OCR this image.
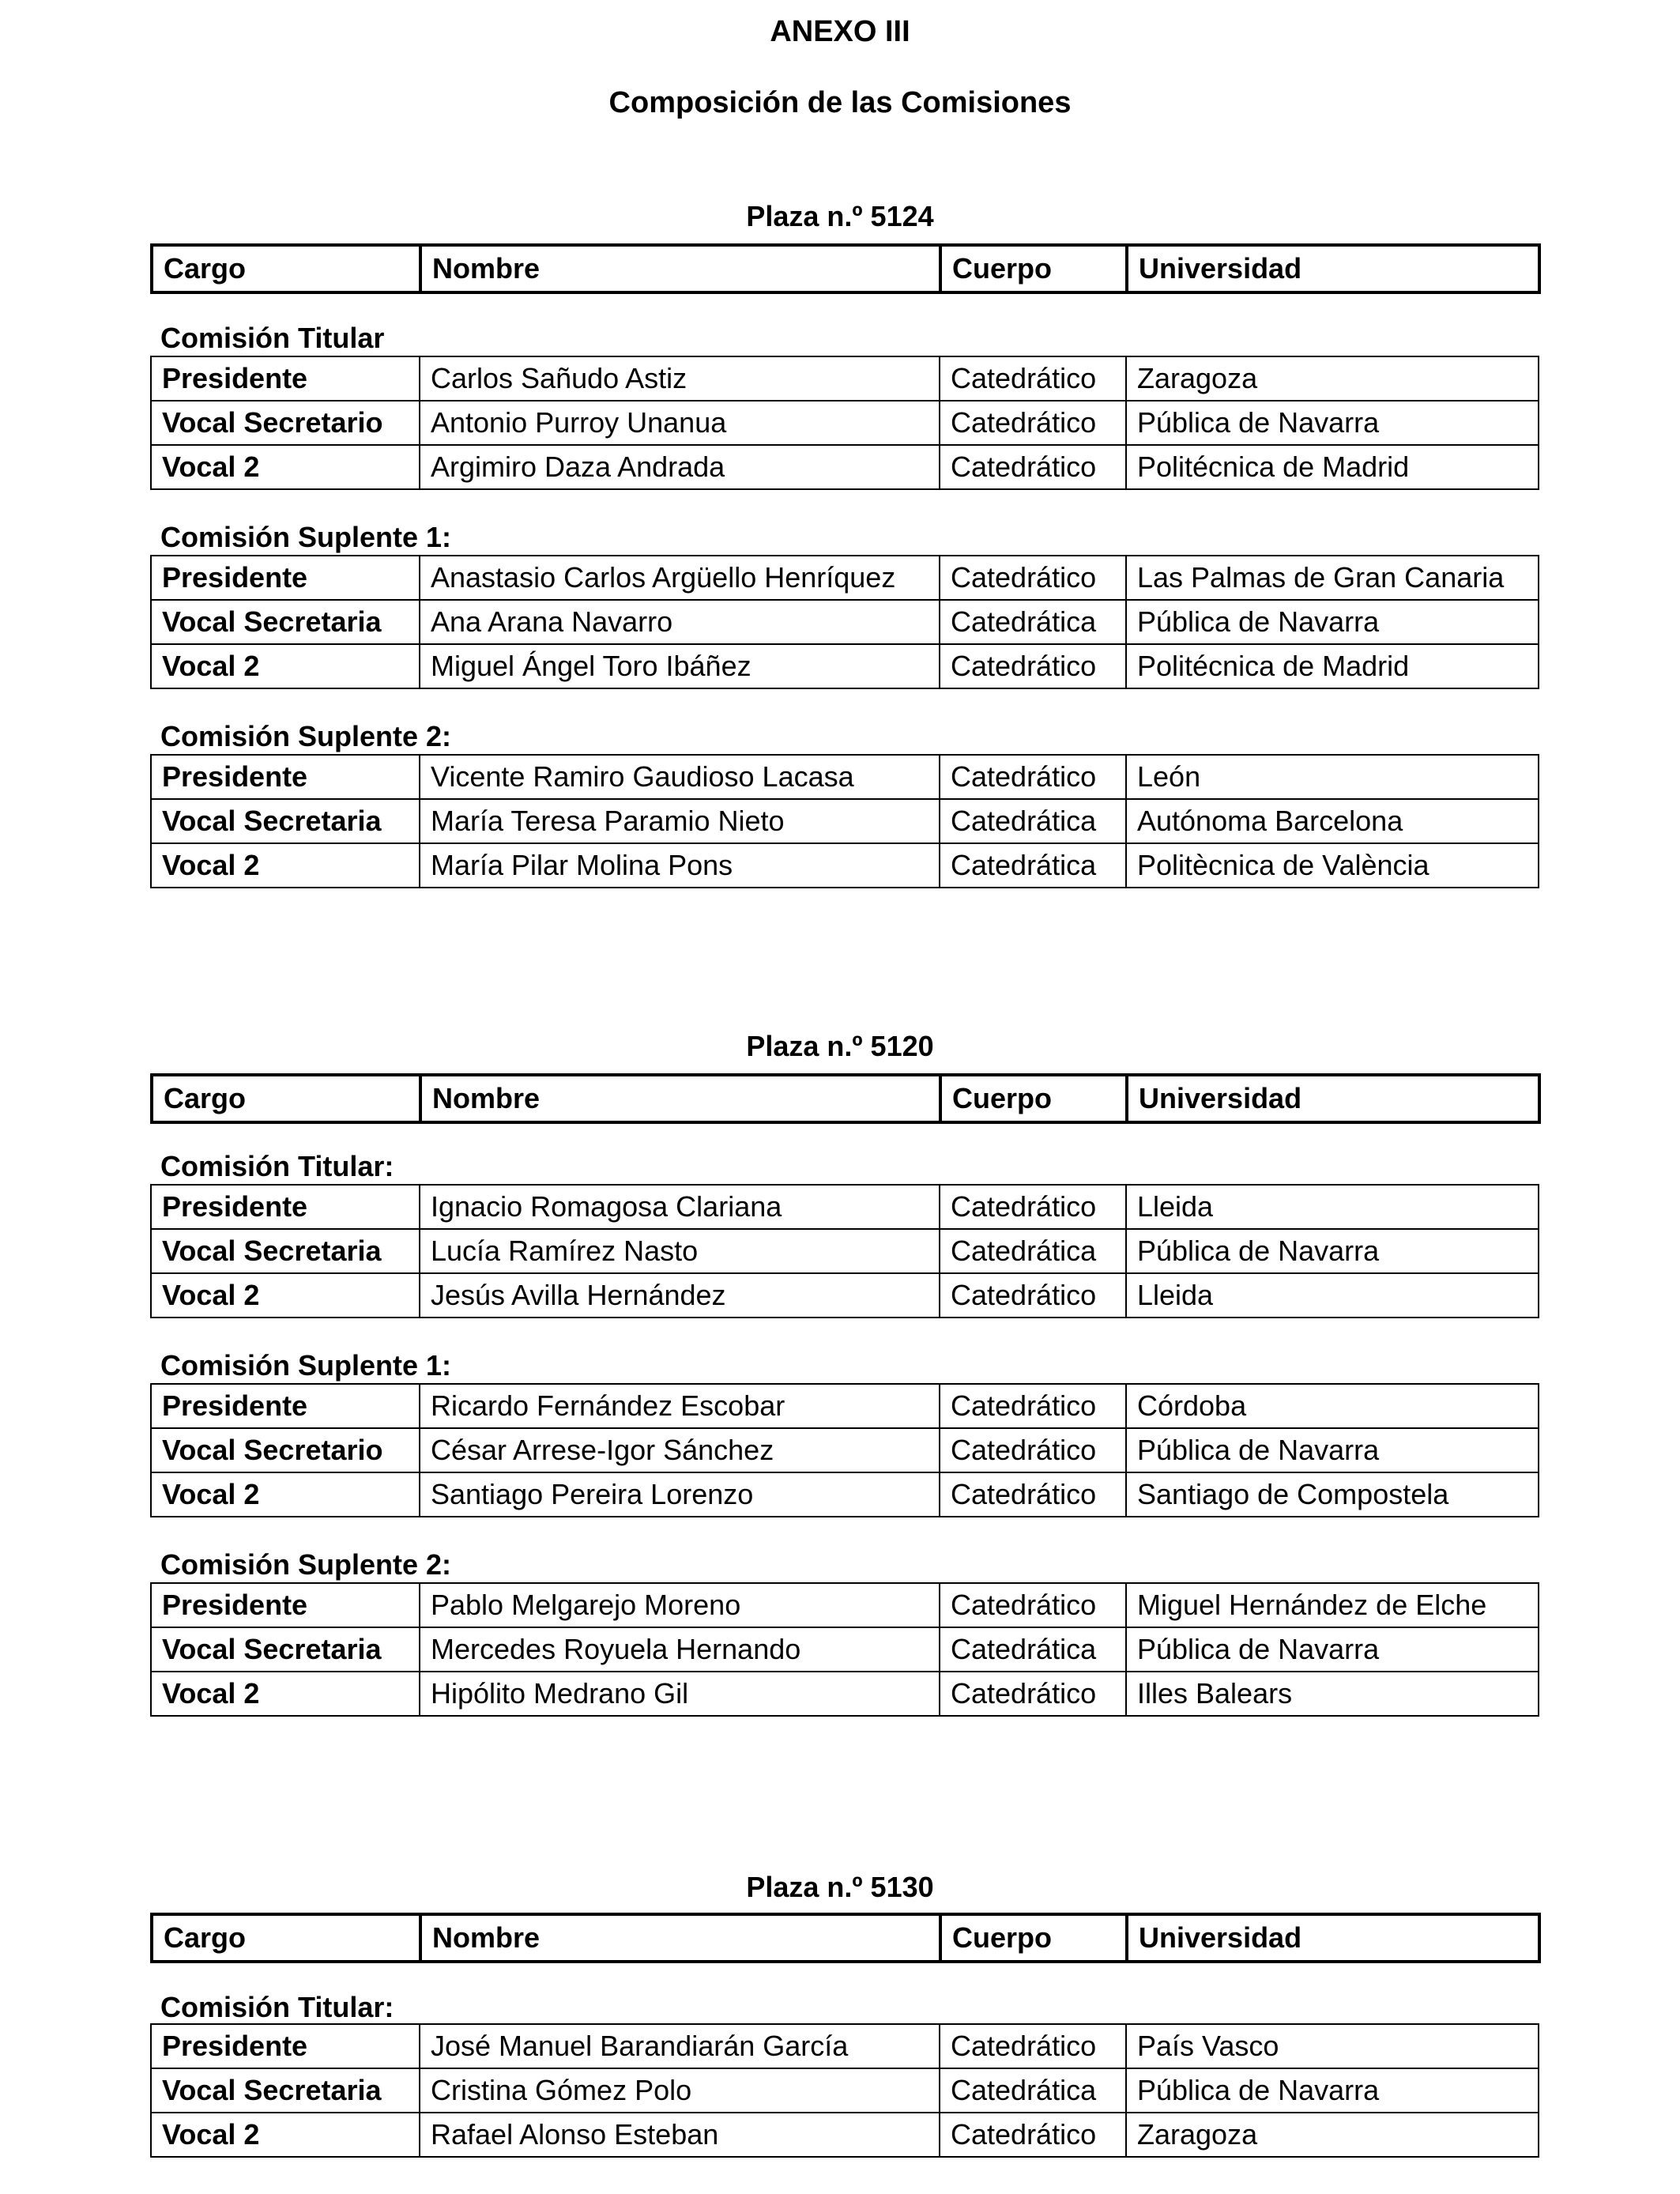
ANEXO III
Composición de las Comisiones
Plaza n.º 5124
Cargo	Nombre	Cuerpo	Universidad
Comisión Titular
Presidente	Carlos Sañudo Astiz	Catedrático	Zaragoza
Vocal Secretario	Antonio Purroy Unanua	Catedrático	Pública de Navarra
Vocal 2	Argimiro Daza Andrada	Catedrático	Politécnica de Madrid
Comisión Suplente 1:
Presidente	Anastasio Carlos Argüello Henríquez	Catedrático	Las Palmas de Gran Canaria
Vocal Secretaria	Ana Arana Navarro	Catedrática	Pública de Navarra
Vocal 2	Miguel Ángel Toro Ibáñez	Catedrático	Politécnica de Madrid
Comisión Suplente 2:
Presidente	Vicente Ramiro Gaudioso Lacasa	Catedrático	León
Vocal Secretaria	María Teresa Paramio Nieto	Catedrática	Autónoma Barcelona
Vocal 2	María Pilar Molina Pons	Catedrática	Politècnica de València
Plaza n.º 5120
Cargo	Nombre	Cuerpo	Universidad
Comisión Titular:
Presidente	Ignacio Romagosa Clariana	Catedrático	Lleida
Vocal Secretaria	Lucía Ramírez Nasto	Catedrática	Pública de Navarra
Vocal 2	Jesús Avilla Hernández	Catedrático	Lleida
Comisión Suplente 1:
Presidente	Ricardo Fernández Escobar	Catedrático	Córdoba
Vocal Secretario	César Arrese-Igor Sánchez	Catedrático	Pública de Navarra
Vocal 2	Santiago Pereira Lorenzo	Catedrático	Santiago de Compostela
Comisión Suplente 2:
Presidente	Pablo Melgarejo Moreno	Catedrático	Miguel Hernández de Elche
Vocal Secretaria	Mercedes Royuela Hernando	Catedrática	Pública de Navarra
Vocal 2	Hipólito Medrano Gil	Catedrático	Illes Balears
Plaza n.º 5130
Cargo	Nombre	Cuerpo	Universidad
Comisión Titular:
Presidente	José Manuel Barandiarán García	Catedrático	País Vasco
Vocal Secretaria	Cristina Gómez Polo	Catedrática	Pública de Navarra
Vocal 2	Rafael Alonso Esteban	Catedrático	Zaragoza
